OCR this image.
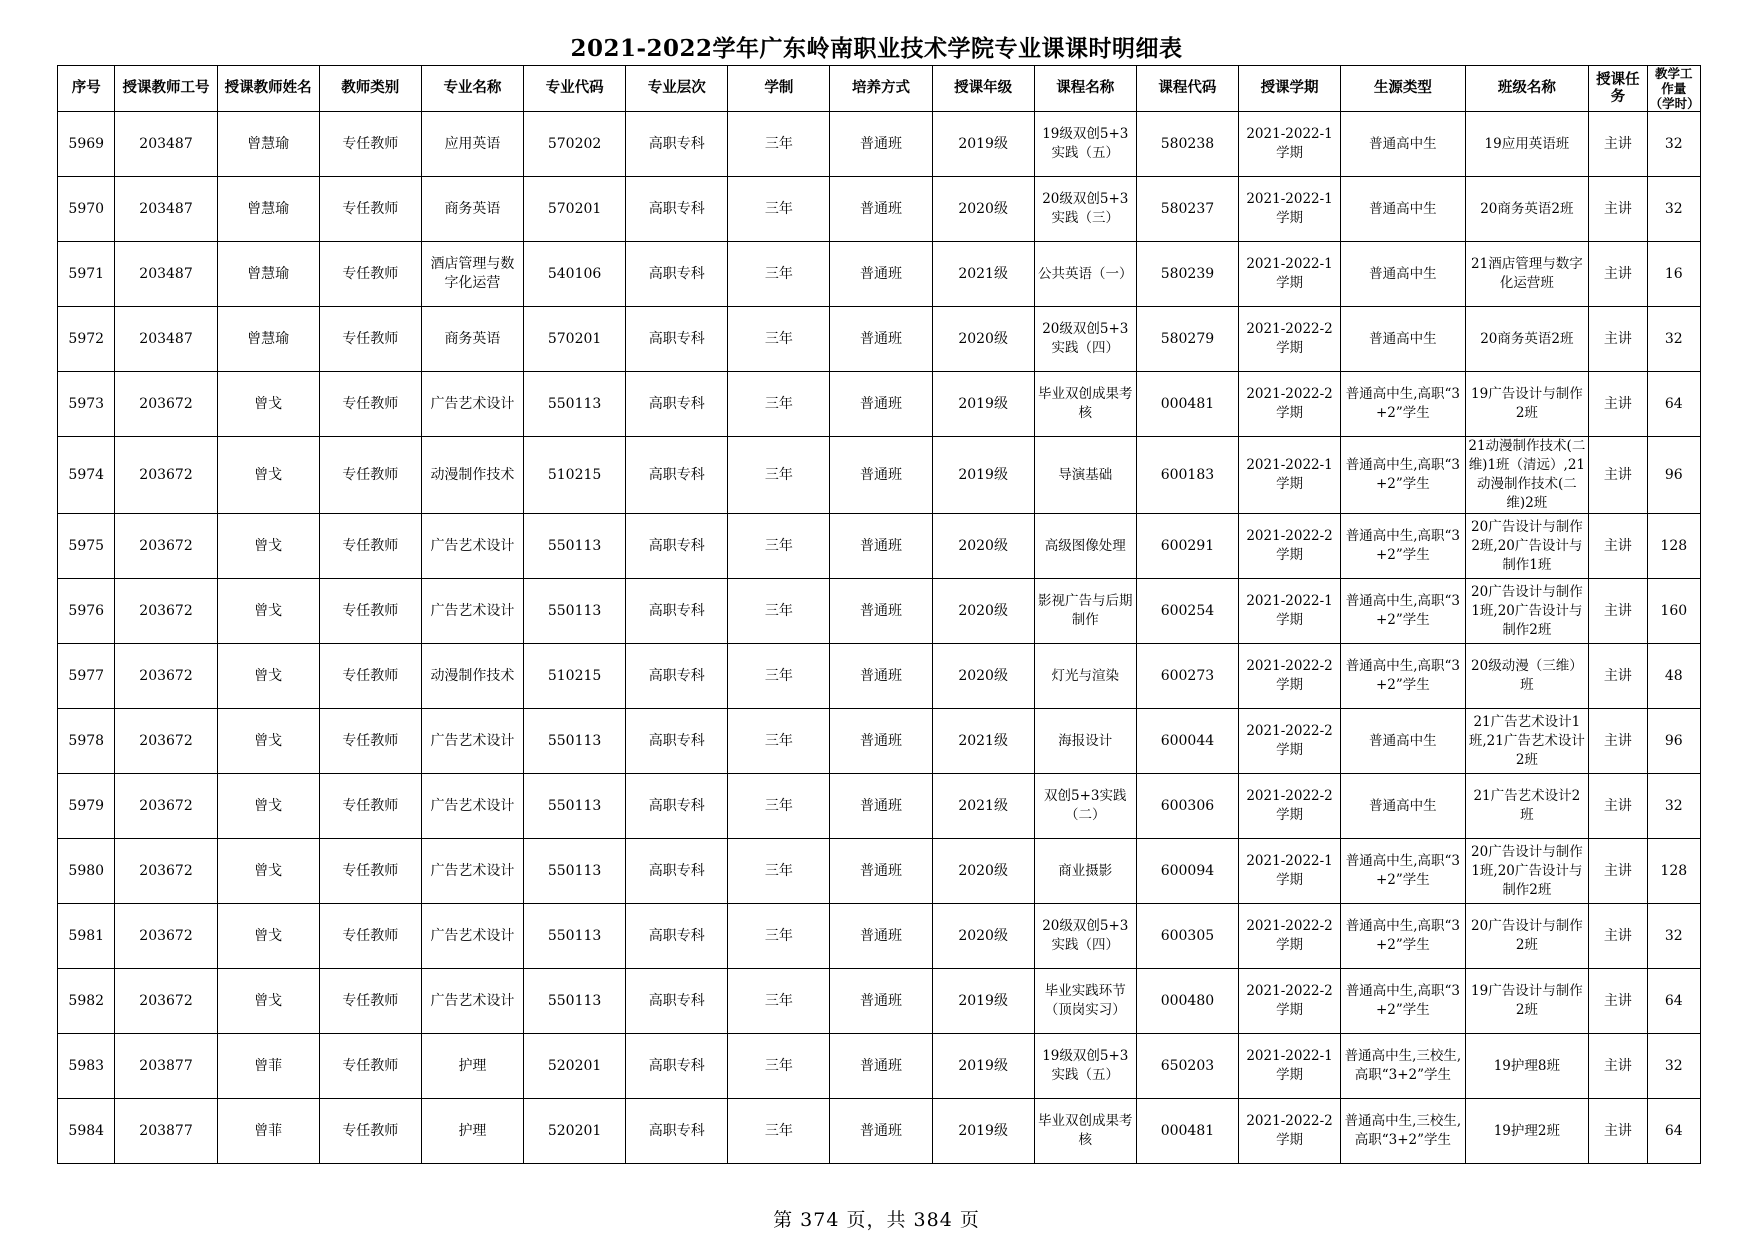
2021-2022学年广东岭南职业技术学院专业课课时明细表
序号	授课教师工号	授课教师姓名	教师类别	专业名称	专业代码	专业层次	学制	培养方式	授课年级	课程名称	课程代码	授课学期	生源类型	班级名称	授课任务	教学工作量（学时）
5969	203487	曾慧瑜	专任教师	应用英语	570202	高职专科	三年	普通班	2019级	19级双创5+3实践（五）	580238	2021-2022-1学期	普通高中生	19应用英语班	主讲	32
5970	203487	曾慧瑜	专任教师	商务英语	570201	高职专科	三年	普通班	2020级	20级双创5+3实践（三）	580237	2021-2022-1学期	普通高中生	20商务英语2班	主讲	32
5971	203487	曾慧瑜	专任教师	酒店管理与数字化运营	540106	高职专科	三年	普通班	2021级	公共英语（一）	580239	2021-2022-1学期	普通高中生	21酒店管理与数字化运营班	主讲	16
5972	203487	曾慧瑜	专任教师	商务英语	570201	高职专科	三年	普通班	2020级	20级双创5+3实践（四）	580279	2021-2022-2学期	普通高中生	20商务英语2班	主讲	32
5973	203672	曾戈	专任教师	广告艺术设计	550113	高职专科	三年	普通班	2019级	毕业双创成果考核	000481	2021-2022-2学期	普通高中生,高职“3+2”学生	19广告设计与制作2班	主讲	64
5974	203672	曾戈	专任教师	动漫制作技术	510215	高职专科	三年	普通班	2019级	导演基础	600183	2021-2022-1学期	普通高中生,高职“3+2”学生	21动漫制作技术(二维)1班（清远）,21动漫制作技术(二维)2班	主讲	96
5975	203672	曾戈	专任教师	广告艺术设计	550113	高职专科	三年	普通班	2020级	高级图像处理	600291	2021-2022-2学期	普通高中生,高职“3+2”学生	20广告设计与制作2班,20广告设计与制作1班	主讲	128
5976	203672	曾戈	专任教师	广告艺术设计	550113	高职专科	三年	普通班	2020级	影视广告与后期制作	600254	2021-2022-1学期	普通高中生,高职“3+2”学生	20广告设计与制作1班,20广告设计与制作2班	主讲	160
5977	203672	曾戈	专任教师	动漫制作技术	510215	高职专科	三年	普通班	2020级	灯光与渲染	600273	2021-2022-2学期	普通高中生,高职“3+2”学生	20级动漫（三维）班	主讲	48
5978	203672	曾戈	专任教师	广告艺术设计	550113	高职专科	三年	普通班	2021级	海报设计	600044	2021-2022-2学期	普通高中生	21广告艺术设计1班,21广告艺术设计2班	主讲	96
5979	203672	曾戈	专任教师	广告艺术设计	550113	高职专科	三年	普通班	2021级	双创5+3实践（二）	600306	2021-2022-2学期	普通高中生	21广告艺术设计2班	主讲	32
5980	203672	曾戈	专任教师	广告艺术设计	550113	高职专科	三年	普通班	2020级	商业摄影	600094	2021-2022-1学期	普通高中生,高职“3+2”学生	20广告设计与制作1班,20广告设计与制作2班	主讲	128
5981	203672	曾戈	专任教师	广告艺术设计	550113	高职专科	三年	普通班	2020级	20级双创5+3实践（四）	600305	2021-2022-2学期	普通高中生,高职“3+2”学生	20广告设计与制作2班	主讲	32
5982	203672	曾戈	专任教师	广告艺术设计	550113	高职专科	三年	普通班	2019级	毕业实践环节（顶岗实习）	000480	2021-2022-2学期	普通高中生,高职“3+2”学生	19广告设计与制作2班	主讲	64
5983	203877	曾菲	专任教师	护理	520201	高职专科	三年	普通班	2019级	19级双创5+3实践（五）	650203	2021-2022-1学期	普通高中生,三校生,高职“3+2”学生	19护理8班	主讲	32
5984	203877	曾菲	专任教师	护理	520201	高职专科	三年	普通班	2019级	毕业双创成果考核	000481	2021-2022-2学期	普通高中生,三校生,高职“3+2”学生	19护理2班	主讲	64
第 374 页，共 384 页
